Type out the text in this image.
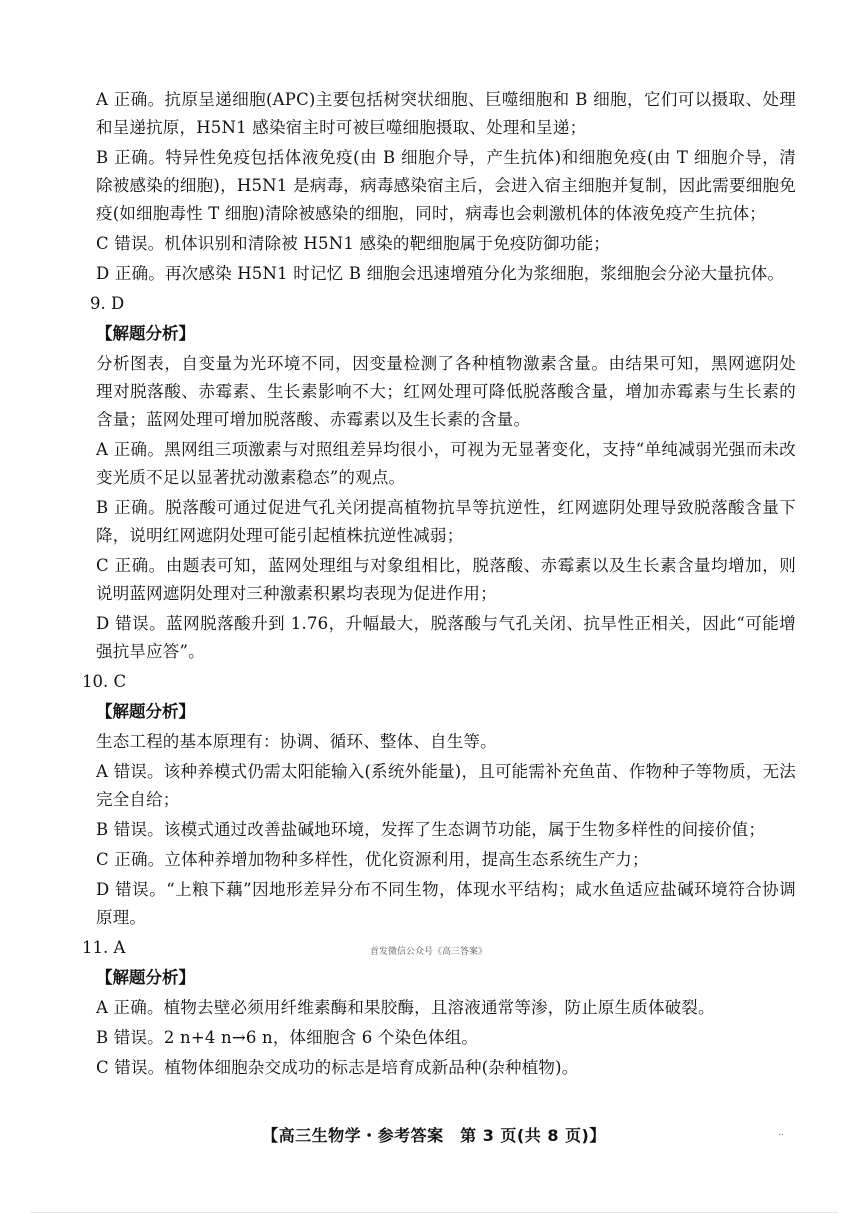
A 正确。抗原呈递细胞(APC)主要包括树突状细胞、巨噬细胞和 B 细胞，它们可以摄取、处理和呈递抗原，H5N1 感染宿主时可被巨噬细胞摄取、处理和呈递；

B 正确。特异性免疫包括体液免疫(由 B 细胞介导，产生抗体)和细胞免疫(由 T 细胞介导，清除被感染的细胞)，H5N1 是病毒，病毒感染宿主后，会进入宿主细胞并复制，因此需要细胞免疫(如细胞毒性 T 细胞)清除被感染的细胞，同时，病毒也会刺激机体的体液免疫产生抗体；

C 错误。机体识别和清除被 H5N1 感染的靶细胞属于免疫防御功能；

D 正确。再次感染 H5N1 时记忆 B 细胞会迅速增殖分化为浆细胞，浆细胞会分泌大量抗体。

9. D

【解题分析】

分析图表，自变量为光环境不同，因变量检测了各种植物激素含量。由结果可知，黑网遮阴处理对脱落酸、赤霉素、生长素影响不大；红网处理可降低脱落酸含量，增加赤霉素与生长素的含量；蓝网处理可增加脱落酸、赤霉素以及生长素的含量。

A 正确。黑网组三项激素与对照组差异均很小，可视为无显著变化，支持“单纯减弱光强而未改变光质不足以显著扰动激素稳态”的观点。

B 正确。脱落酸可通过促进气孔关闭提高植物抗旱等抗逆性，红网遮阴处理导致脱落酸含量下降，说明红网遮阴处理可能引起植株抗逆性减弱；

C 正确。由题表可知，蓝网处理组与对象组相比，脱落酸、赤霉素以及生长素含量均增加，则说明蓝网遮阴处理对三种激素积累均表现为促进作用；

D 错误。蓝网脱落酸升到 1.76，升幅最大，脱落酸与气孔关闭、抗旱性正相关，因此“可能增强抗旱应答”。

10. C

【解题分析】

生态工程的基本原理有：协调、循环、整体、自生等。

A 错误。该种养模式仍需太阳能输入(系统外能量)，且可能需补充鱼苗、作物种子等物质，无法完全自给；

B 错误。该模式通过改善盐碱地环境，发挥了生态调节功能，属于生物多样性的间接价值；

C 正确。立体种养增加物种多样性，优化资源利用，提高生态系统生产力；

D 错误。“上粮下藕”因地形差异分布不同生物，体现水平结构；咸水鱼适应盐碱环境符合协调原理。

11. A

【解题分析】

A 正确。植物去壁必须用纤维素酶和果胶酶，且溶液通常等渗，防止原生质体破裂。

B 错误。2 n+4 n→6 n，体细胞含 6 个染色体组。

C 错误。植物体细胞杂交成功的标志是培育成新品种(杂种植物)。

首发微信公众号《高三答案》
【高三生物学・参考答案　第 3 页(共 8 页)】	..
